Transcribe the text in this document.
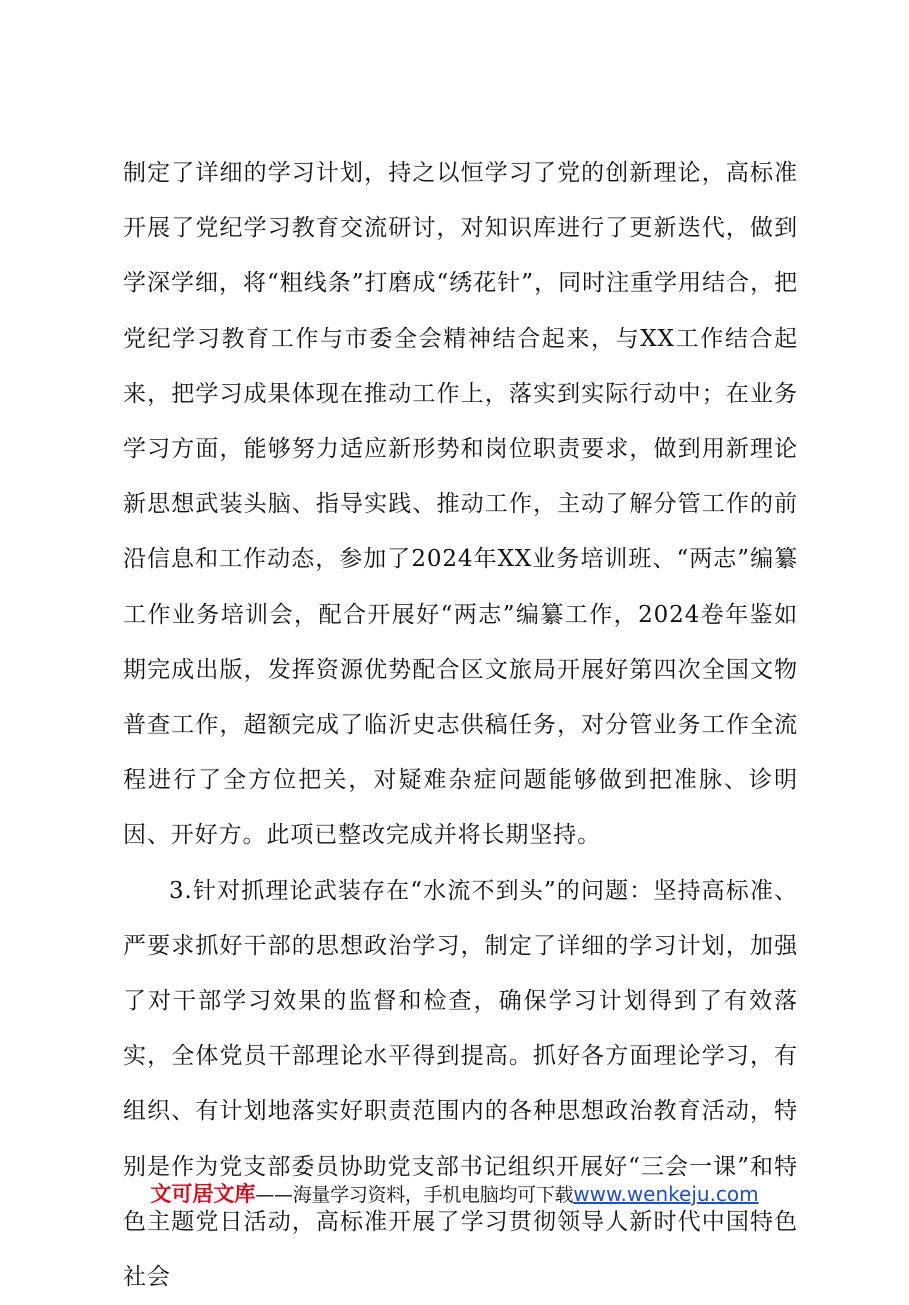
制定了详细的学习计划，持之以恒学习了党的创新理论，高标准开展了党纪学习教育交流研讨，对知识库进行了更新迭代，做到学深学细，将“粗线条”打磨成“绣花针”，同时注重学用结合，把党纪学习教育工作与市委全会精神结合起来，与XX工作结合起来，把学习成果体现在推动工作上，落实到实际行动中；在业务学习方面，能够努力适应新形势和岗位职责要求，做到用新理论新思想武装头脑、指导实践、推动工作，主动了解分管工作的前沿信息和工作动态，参加了2024年XX业务培训班、“两志”编纂工作业务培训会，配合开展好“两志”编纂工作，2024卷年鉴如期完成出版，发挥资源优势配合区文旅局开展好第四次全国文物普查工作，超额完成了临沂史志供稿任务，对分管业务工作全流程进行了全方位把关，对疑难杂症问题能够做到把准脉、诊明因、开好方。此项已整改完成并将长期坚持。

3.针对抓理论武装存在“水流不到头”的问题：坚持高标准、严要求抓好干部的思想政治学习，制定了详细的学习计划，加强了对干部学习效果的监督和检查，确保学习计划得到了有效落实，全体党员干部理论水平得到提高。抓好各方面理论学习，有组织、有计划地落实好职责范围内的各种思想政治教育活动，特别是作为党支部委员协助党支部书记组织开展好“三会一课”和特色主题党日活动，高标准开展了学习贯彻领导人新时代中国特色社会

文可居文库——海量学习资料，手机电脑均可下载www.wenkeju.com
